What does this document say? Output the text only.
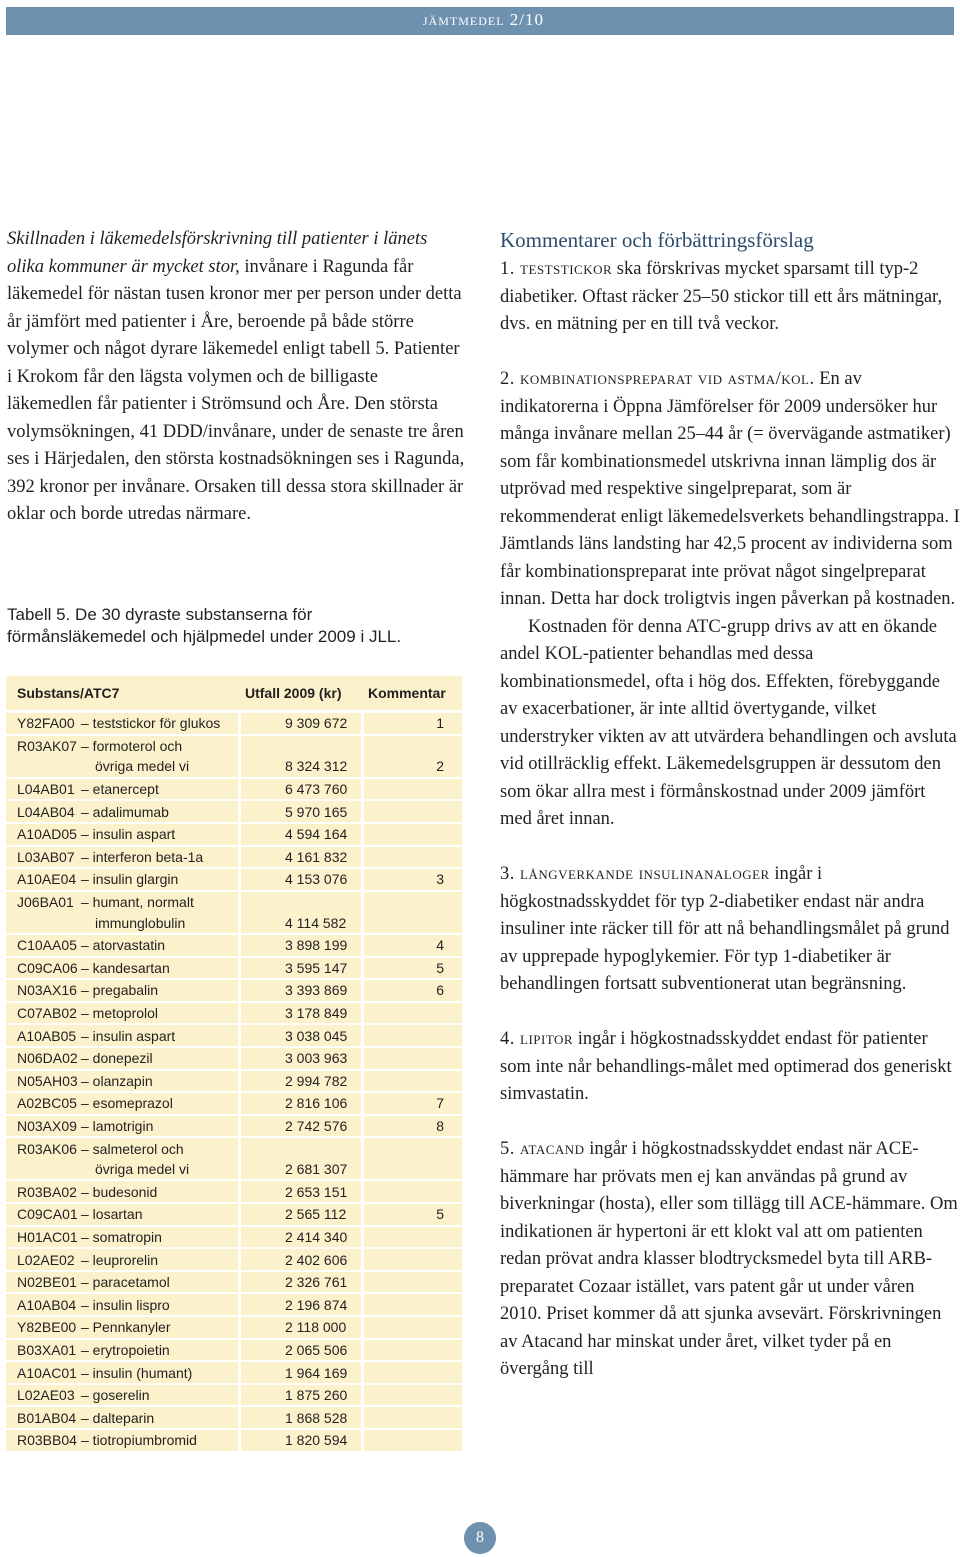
jämtmedel 2/10

Skillnaden i läkemedelsförskrivning till patienter i länets olika kommuner är mycket stor, invånare i Ragunda får läkemedel för nästan tusen kronor mer per person under detta år jämfört med patienter i Åre, beroende på både större volymer och något dyrare läkemedel enligt tabell 5. Patienter i Krokom får den lägsta volymen och de billigaste läkemedlen får patienter i Strömsund och Åre. Den största volymsökningen, 41 DDD/invånare, under de senaste tre åren ses i Härjedalen, den största kostnadsökningen ses i Ragunda, 392 kronor per invånare. Orsaken till dessa stora skillnader är oklar och borde utredas närmare.

Tabell 5. De 30 dyraste substanserna för förmånsläkemedel och hjälpmedel under 2009 i JLL.

Substans/ATC7	Utfall 2009 (kr)	Kommentar
Y82FA00 – teststickor för glukos	9 309 672	1
R03AK07 – formoterol och		
övriga medel vi	8 324 312	2
L04AB01 – etanercept	6 473 760	
L04AB04 – adalimumab	5 970 165	
A10AD05 – insulin aspart	4 594 164	
L03AB07 – interferon beta-1a	4 161 832	
A10AE04 – insulin glargin	4 153 076	3
J06BA01 – humant, normalt		
immunglobulin	4 114 582	
C10AA05 – atorvastatin	3 898 199	4
C09CA06 – kandesartan	3 595 147	5
N03AX16 – pregabalin	3 393 869	6
C07AB02 – metoprolol	3 178 849	
A10AB05 – insulin aspart	3 038 045	
N06DA02 – donepezil	3 003 963	
N05AH03 – olanzapin	2 994 782	
A02BC05 – esomeprazol	2 816 106	7
N03AX09 – lamotrigin	2 742 576	8
R03AK06 – salmeterol och		
övriga medel vi	2 681 307	
R03BA02 – budesonid	2 653 151	
C09CA01 – losartan	2 565 112	5
H01AC01 – somatropin	2 414 340	
L02AE02 – leuprorelin	2 402 606	
N02BE01 – paracetamol	2 326 761	
A10AB04 – insulin lispro	2 196 874	
Y82BE00 – Pennkanyler	2 118 000	
B03XA01 – erytropoietin	2 065 506	
A10AC01 – insulin (humant)	1 964 169	
L02AE03 – goserelin	1 875 260	
B01AB04 – dalteparin	1 868 528	
R03BB04 – tiotropiumbromid	1 820 594	
Kommentarer och förbättringsförslag

1. teststickor ska förskrivas mycket sparsamt till typ-2 diabetiker. Oftast räcker 25–50 stickor till ett års mätningar, dvs. en mätning per en till två veckor.

2. kombinationspreparat vid astma/kol. En av indikatorerna i Öppna Jämförelser för 2009 undersöker hur många invånare mellan 25–44 år (= övervägande astmatiker) som får kombinationsmedel utskrivna innan lämplig dos är utprövad med respektive singelpreparat, som är rekommenderat enligt läkemedelsverkets behandlingstrappa. I Jämtlands läns landsting har 42,5 procent av individerna som får kombinationspreparat inte prövat något singelpreparat innan. Detta har dock troligtvis ingen påverkan på kostnaden.

Kostnaden för denna ATC-grupp drivs av att en ökande andel KOL-patienter behandlas med dessa kombinationsmedel, ofta i hög dos. Effekten, förebyggande av exacerbationer, är inte alltid övertygande, vilket understryker vikten av att utvärdera behandlingen och avsluta vid otillräcklig effekt. Läkemedelsgruppen är dessutom den som ökar allra mest i förmånskostnad under 2009 jämfört med året innan.

3. långverkande insulinanaloger ingår i högkostnadsskyddet för typ 2-diabetiker endast när andra insuliner inte räcker till för att nå behandlingsmålet på grund av upprepade hypoglykemier. För typ 1-diabetiker är behandlingen fortsatt subventionerat utan begränsning.

4. lipitor ingår i högkostnadsskyddet endast för patienter som inte når behandlings-målet med optimerad dos generiskt simvastatin.

5. atacand ingår i högkostnadsskyddet endast när ACE-hämmare har prövats men ej kan användas på grund av biverkningar (hosta), eller som tillägg till ACE-hämmare. Om indikationen är hypertoni är ett klokt val att om patienten redan prövat andra klasser blodtrycksmedel byta till ARB-preparatet Cozaar istället, vars patent går ut under våren 2010. Priset kommer då att sjunka avsevärt. Förskrivningen av Atacand har minskat under året, vilket tyder på en övergång till

8
